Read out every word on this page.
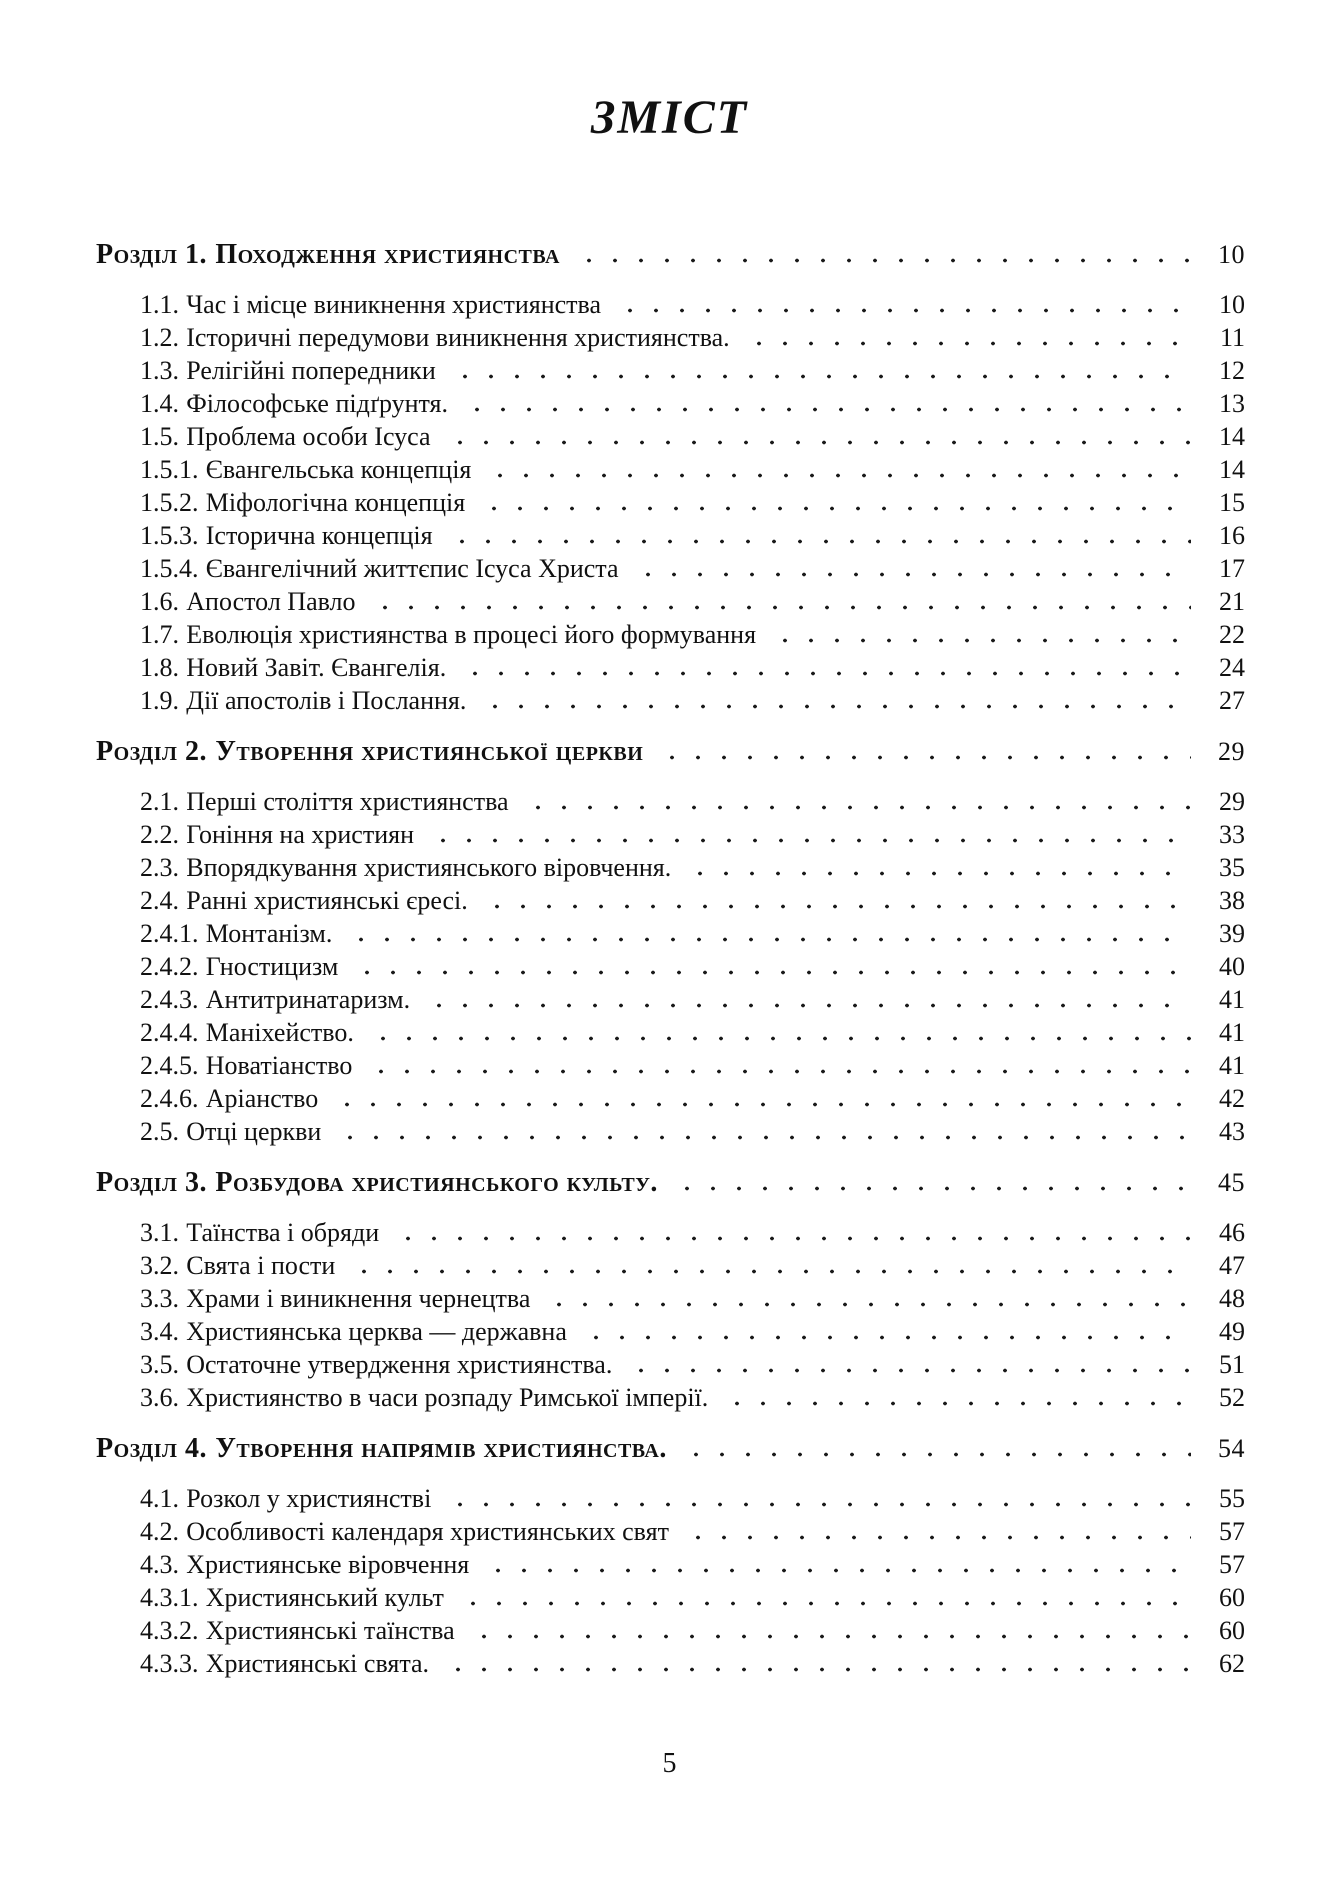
ЗМІСТ
Розділ 1. Походження християнства	10
1.1. Час і місце виникнення християнства	10
1.2. Історичні передумови виникнення християнства.	11
1.3. Релігійні попередники	12
1.4. Філософське підґрунтя.	13
1.5. Проблема особи Ісуса	14
1.5.1. Євангельська концепція	14
1.5.2. Міфологічна концепція	15
1.5.3. Історична концепція	16
1.5.4. Євангелічний життєпис Ісуса Христа	17
1.6. Апостол Павло	21
1.7. Еволюція християнства в процесі його формування	22
1.8. Новий Завіт. Євангелія.	24
1.9. Дії апостолів і Послання.	27
Розділ 2. Утворення християнської церкви	29
2.1. Перші століття християнства	29
2.2. Гоніння на християн	33
2.3. Впорядкування християнського віровчення.	35
2.4. Ранні християнські єресі.	38
2.4.1. Монтанізм.	39
2.4.2. Гностицизм	40
2.4.3. Антитринатаризм.	41
2.4.4. Маніхейство.	41
2.4.5. Новатіанство	41
2.4.6. Аріанство	42
2.5. Отці церкви	43
Розділ 3. Розбудова християнського культу.	45
3.1. Таїнства і обряди	46
3.2. Свята і пости	47
3.3. Храми і виникнення чернецтва	48
3.4. Християнська церква — державна	49
3.5. Остаточне утвердження християнства.	51
3.6. Християнство в часи розпаду Римської імперії.	52
Розділ 4. Утворення напрямів християнства.	54
4.1. Розкол у християнстві	55
4.2. Особливості календаря християнських свят	57
4.3. Християнське віровчення	57
4.3.1. Християнський культ	60
4.3.2. Християнські таїнства	60
4.3.3. Християнські свята.	62
5
